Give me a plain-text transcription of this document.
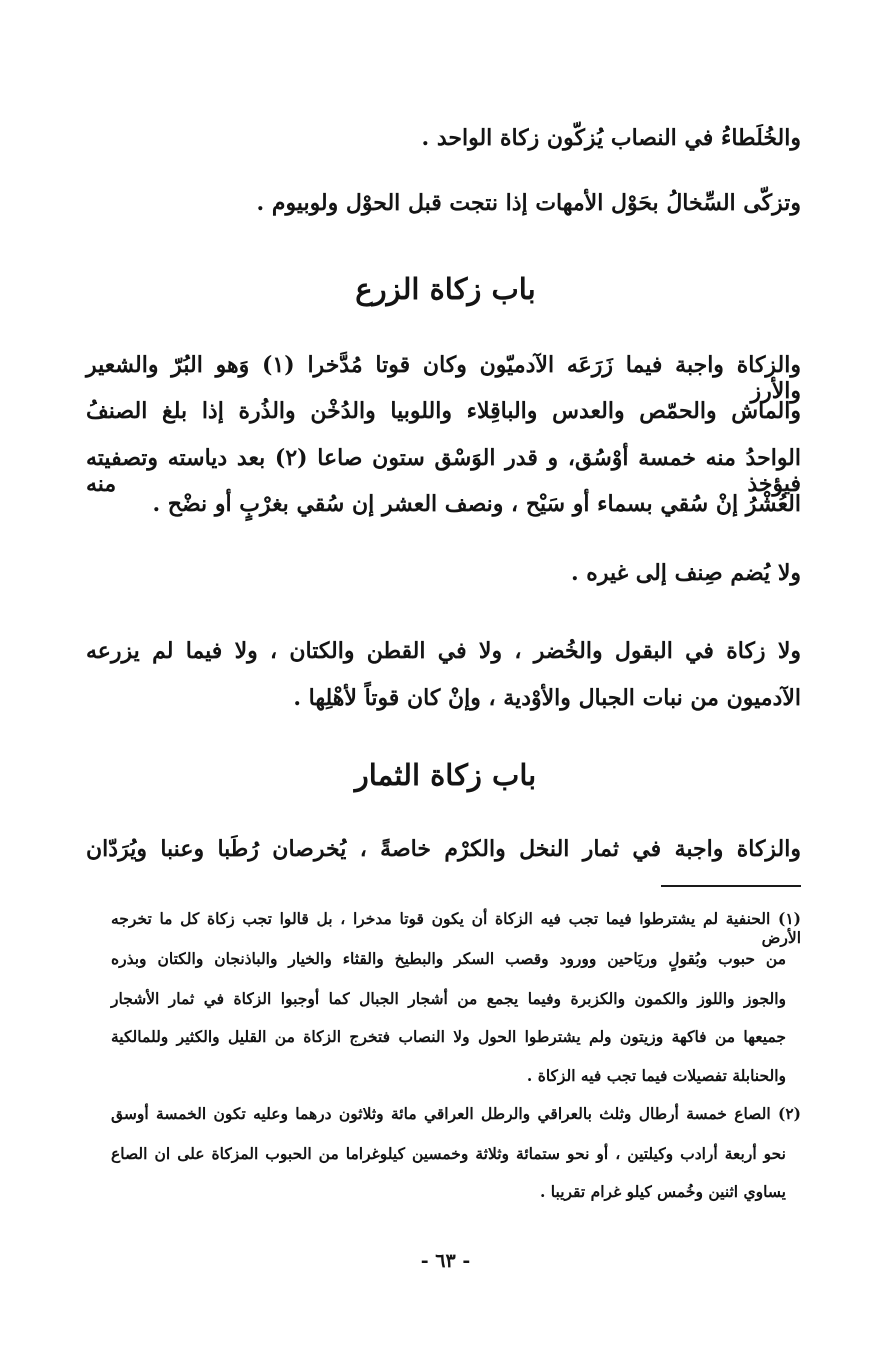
والخُلَطاءُ في النصاب يُزكّون زكاة الواحد .
وتزكّى السِّخالُ بحَوْل الأمهات إذا نتجت قبل الحوْل ولوبيوم .
باب زكاة الزرع
والزكاة واجبة فيما زَرَعَه الآدميّون وكان قوتا مُدَّخرا (١) وَهو البُرّ والشعير والأرز
والماش والحمّص والعدس والباقِلاء واللوبيا والدُخْن والذُرة إذا بلغ الصنفُ
الواحدُ منه خمسة أوْسُق، و قدر الوَسْق ستون صاعا (٢) بعد دياسته وتصفيته فيؤخذ منه
العُشْرُ إنْ سُقي بسماء أو سَيْح ، ونصف العشر إن سُقي بغرْبٍ أو نضْح .
ولا يُضم صِنف إلى غيره .
ولا زكاة في البقول والخُضر ، ولا في القطن والكتان ، ولا فيما لم يزرعه
الآدميون من نبات الجبال والأوْدية ، وإنْ كان قوتاً لأهْلِها .
باب زكاة الثمار
والزكاة واجبة في ثمار النخل والكرْم خاصةً ، يُخرصان رُطَبا وعنبا ويُرَدّان
(١) الحنفية لم يشترطوا فيما تجب فيه الزكاة أن يكون قوتا مدخرا ، بل قالوا تجب زكاة كل ما تخرجه الأرض
من حبوب وبُقولٍ وريَاحين وورود وقصب السكر والبطيخ والقثاء والخيار والباذنجان والكتان وبذره
والجوز واللوز والكمون والكزبرة وفيما يجمع من أشجار الجبال كما أوجبوا الزكاة في ثمار الأشجار
جميعها من فاكهة وزيتون ولم يشترطوا الحول ولا النصاب فتخرج الزكاة من القليل والكثير وللمالكية
والحنابلة تفصيلات فيما تجب فيه الزكاة .
(٢) الصاع خمسة أرطال وثلث بالعراقي والرطل العراقي مائة وثلاثون درهما وعليه تكون الخمسة أوسق
نحو أربعة أرادب وكيلتين ، أو نحو ستمائة وثلاثة وخمسين كيلوغراما من الحبوب المزكاة على ان الصاع
يساوي اثنين وخُمس كيلو غرام تقريبا .
- ٦٣ -
